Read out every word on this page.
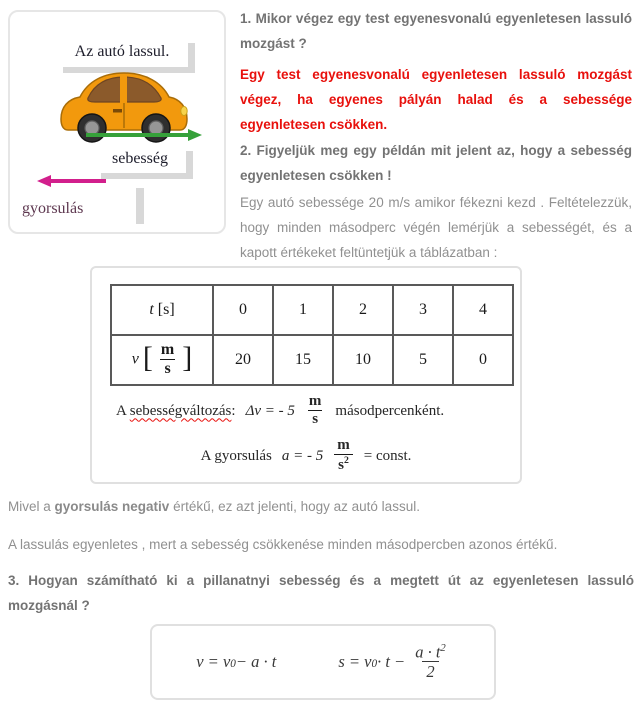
Az autó lassul.
sebesség
gyorsulás

1. Mikor végez egy test egyenesvonalú egyenletesen lassuló mozgást ?

Egy test egyenesvonalú egyenletesen lassuló mozgást végez, ha egyenes pályán halad és a sebessége egyenletesen csökken.

2. Figyeljük meg egy példán mit jelent az, hogy a sebesség egyenletesen csökken !

Egy autó sebessége 20 m/s amikor fékezni kezd . Feltételezzük, hogy minden másodperc végén lemérjük a sebességét, és a kapott értékeket feltüntetjük a táblázatban :

t [s]	0	1	2	3	4
v [ $\frac{m}{s}$ ]	20	15	10	5	0
A sebességváltozás: Δv = - $5 \frac{m}{s}$ másodpercenként.
A gyorsulás a = - $5 \frac{m}{s^2}$ = const.

Mivel a gyorsulás negativ értékű, ez azt jelenti, hogy az autó lassul.

A lassulás egyenletes , mert a sebesség csökkenése minden másodpercben azonos értékű.

3. Hogyan számítható ki a pillanatnyi sebesség és a megtett út az egyenletesen lassuló mozgásnál ?

$v = v_0 - a \cdot t$	$s = v_0 \cdot t - \frac{a \cdot t^2}{2}$
